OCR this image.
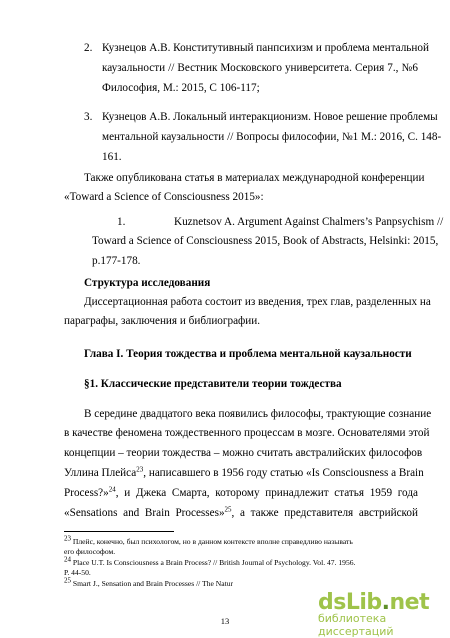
2. Кузнецов А.В. Конститутивный панпсихизм и проблема ментальной
каузальности // Вестник Московского университета. Серия 7., №6
Философия, М.: 2015, С 106-117;
3. Кузнецов А.В. Локальный интеракционизм. Новое решение проблемы
ментальной каузальности // Вопросы философии, №1 М.: 2016, С. 148-
161.
Также опубликована статья в материалах международной конференции
«Toward a Science of Consciousness 2015»:
1.	Kuznetsov A. Argument Against Chalmers’s Panpsychism //
Toward a Science of Consciousness 2015, Book of Abstracts, Helsinki: 2015,
p.177-178.
Структура исследования
Диссертационная работа состоит из введения, трех глав, разделенных на
параграфы, заключения и библиографии.
Глава I. Теория тождества и проблема ментальной каузальности
§1. Классические представители теории тождества
В середине двадцатого века появились философы, трактующие сознание
в качестве феномена тождественного процессам в мозге. Основателями этой
концепции – теории тождества – можно считать австралийских философов
Уллина Плейса$^{23}$, написавшего в 1956 году статью «Is Consciousness a Brain
Process?»$^{24}$, и Джека Смарта, которому принадлежит статья 1959 года
«Sensations and Brain Processes»$^{25}$, а также представителя австрийской
$^{23}$ Плейс, конечно, был психологом, но в данном контексте вполне справедливо называть
его философом.
$^{24}$ Place U.T. Is Consciousness a Brain Process? // British Journal of Psychology. Vol. 47. 1956.
P. 44-50.
$^{25}$ Smart J., Sensation and Brain Processes // The Natur
13
dsLib.net
библиотека диссертаций
